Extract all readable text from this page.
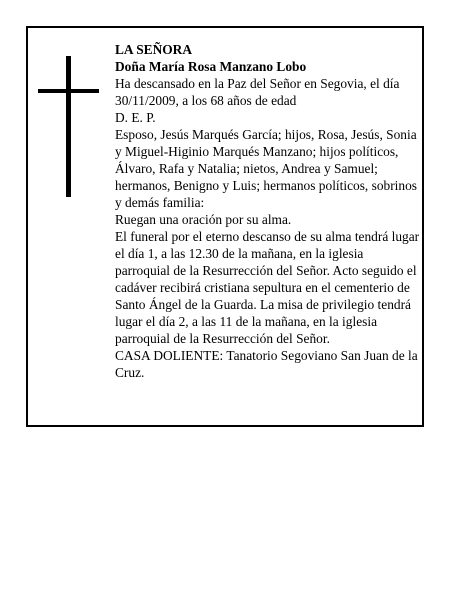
LA SEÑORA

Doña María Rosa Manzano Lobo

Ha descansado en la Paz del Señor en Segovia, el día 30/11/2009, a los 68 años de edad

D. E. P.

Esposo, Jesús Marqués García; hijos, Rosa, Jesús, Sonia y Miguel-Higinio Marqués Manzano; hijos políticos, Álvaro, Rafa y Natalia; nietos, Andrea y Samuel; hermanos, Benigno y Luis; hermanos políticos, sobrinos y demás familia:

Ruegan una oración por su alma.

El funeral por el eterno descanso de su alma tendrá lugar el día 1, a las 12.30 de la mañana, en la iglesia parroquial de la Resurrección del Señor. Acto seguido el cadáver recibirá cristiana sepultura en el cementerio de Santo Ángel de la Guarda. La misa de privilegio tendrá lugar el día 2, a las 11 de la mañana, en la iglesia parroquial de la Resurrección del Señor.

CASA DOLIENTE: Tanatorio Segoviano San Juan de la Cruz.
